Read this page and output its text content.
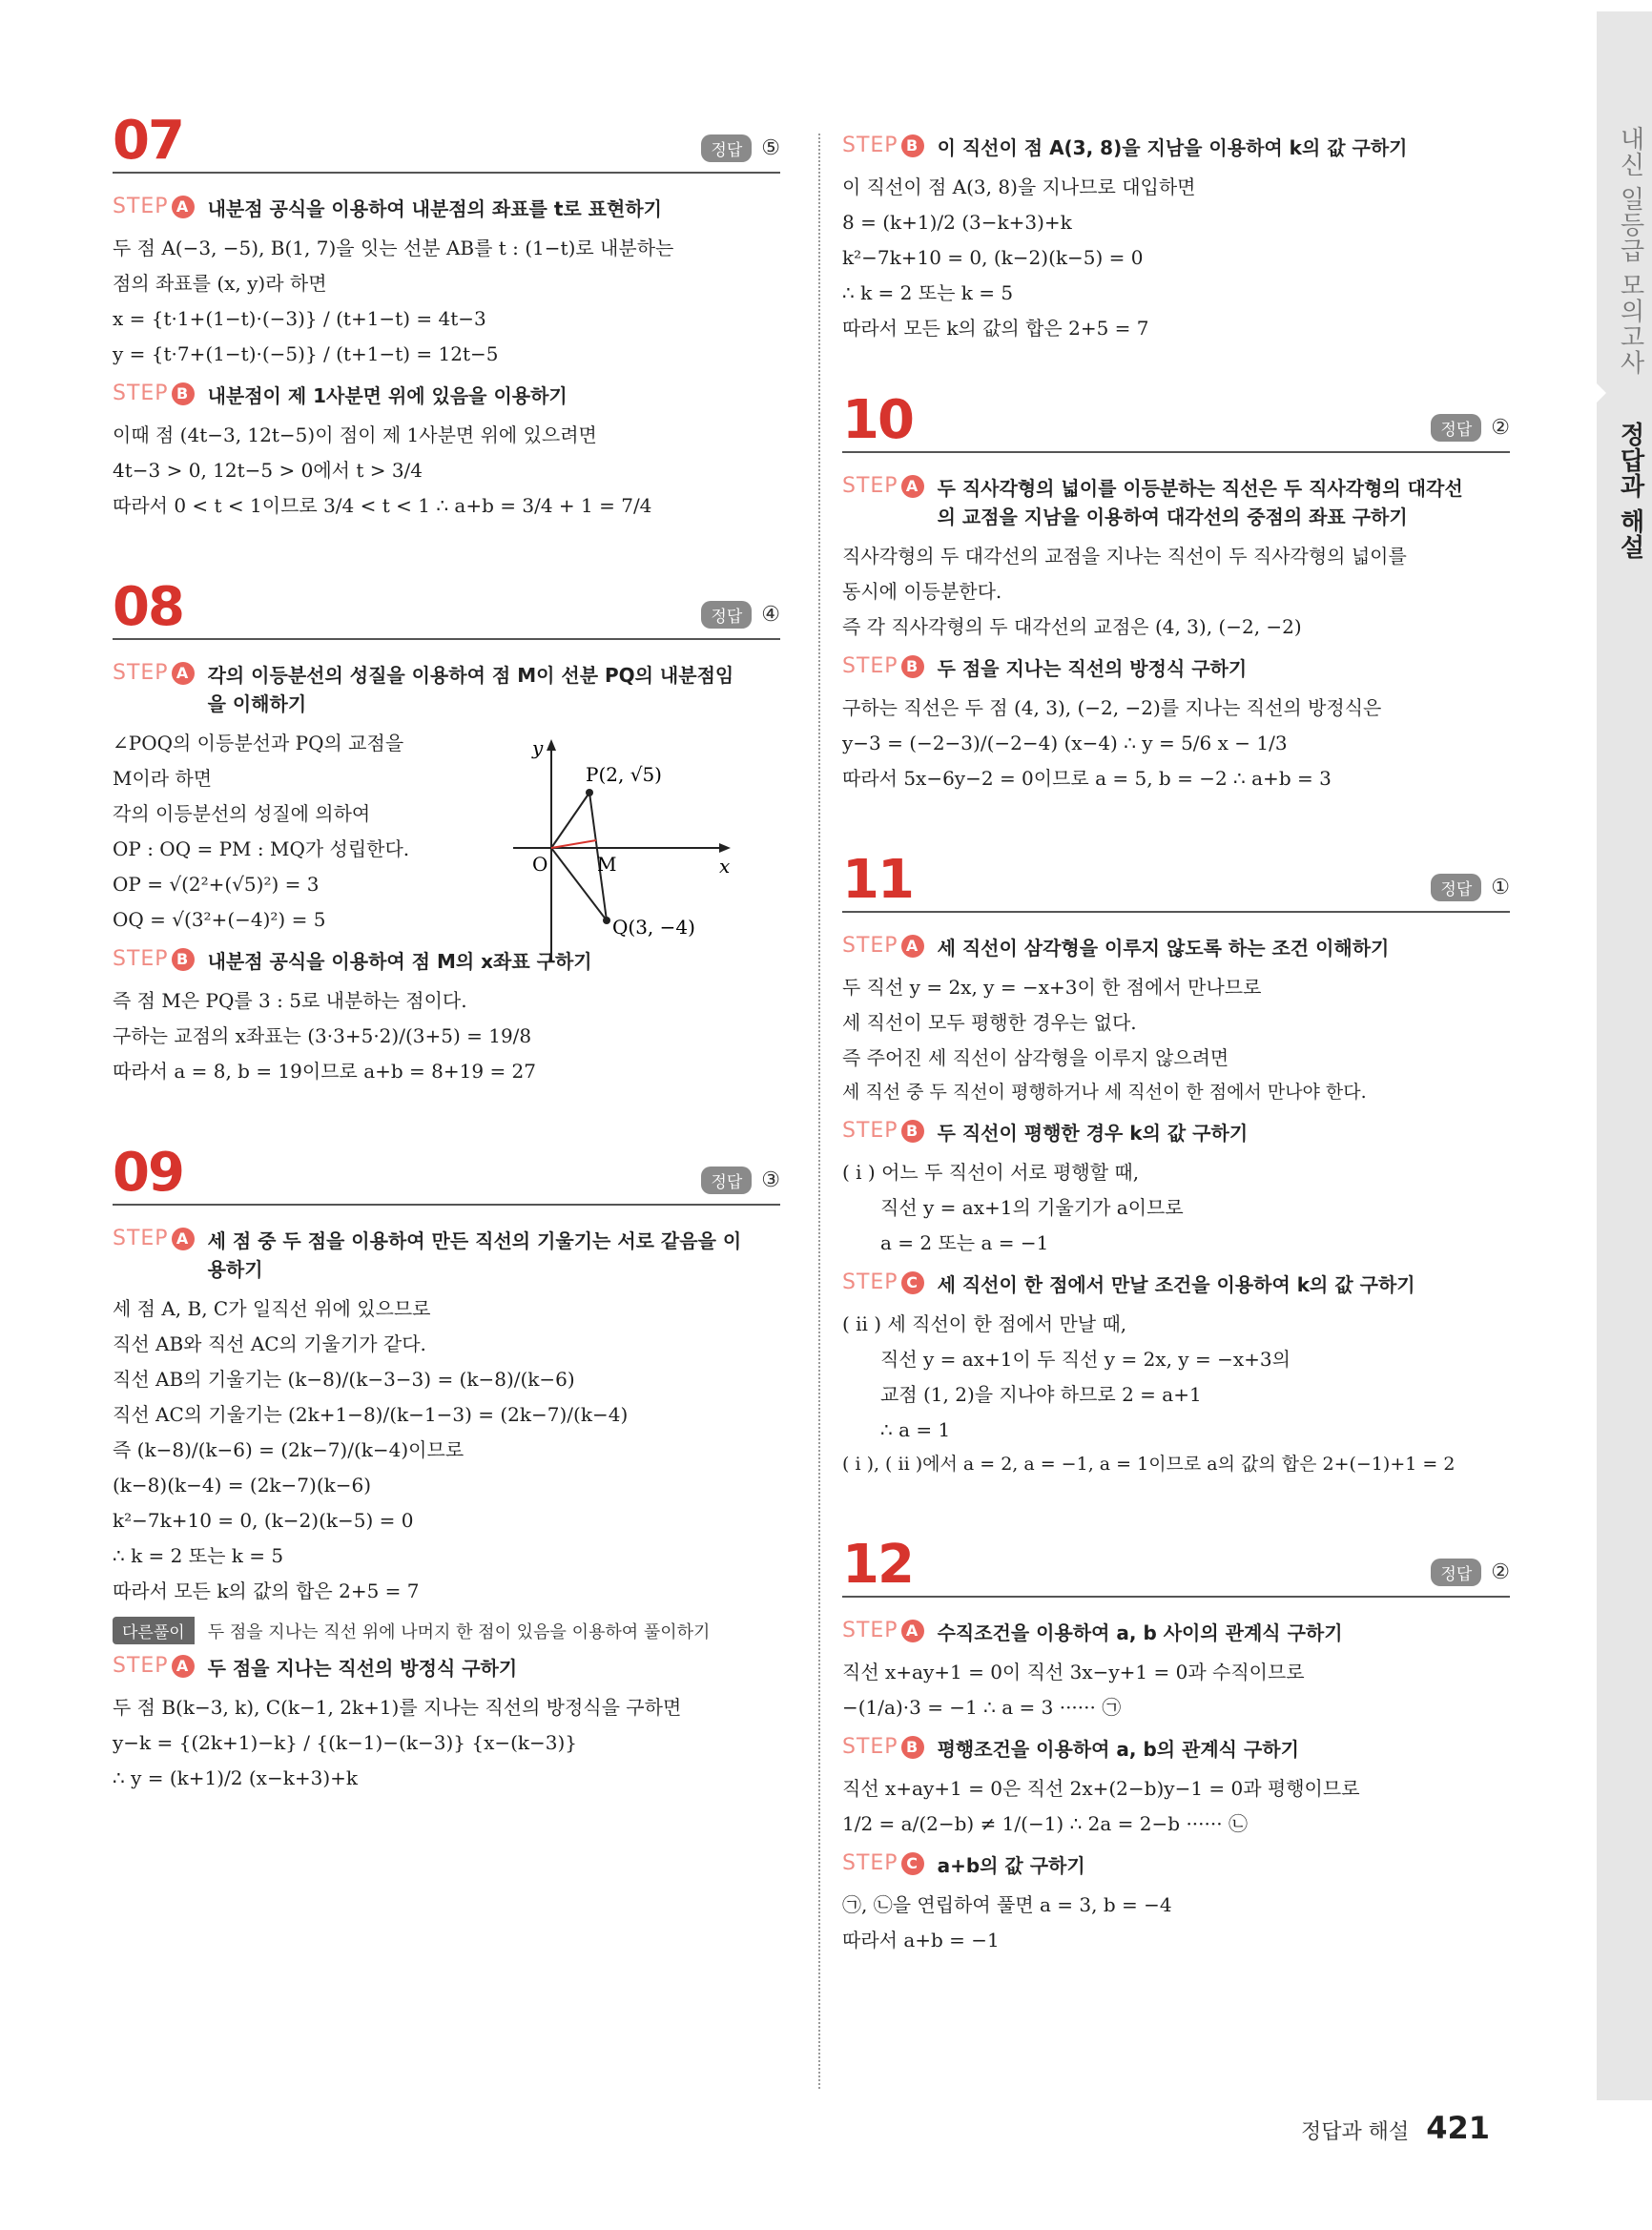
내신 일등급 모의고사
정답과 해설
07	정답 ⑤
STEP A 내분점 공식을 이용하여 내분점의 좌표를 t로 표현하기
두 점 A(−3, −5), B(1, 7)을 잇는 선분 AB를 t : (1−t)로 내분하는
점의 좌표를 (x, y)라 하면
x = {t·1+(1−t)·(−3)} / (t+1−t) = 4t−3
y = {t·7+(1−t)·(−5)} / (t+1−t) = 12t−5
STEP B 내분점이 제 1사분면 위에 있음을 이용하기
이때 점 (4t−3, 12t−5)이 점이 제 1사분면 위에 있으려면
4t−3 > 0, 12t−5 > 0에서 t > 3/4
따라서 0 < t < 1이므로 3/4 < t < 1 ∴ a+b = 3/4 + 1 = 7/4
08	정답 ④
STEP A 각의 이등분선의 성질을 이용하여 점 M이 선분 PQ의 내분점임을 이해하기
∠POQ의 이등분선과 PQ의 교점을
M이라 하면
각의 이등분선의 성질에 의하여
OP : OQ = PM : MQ가 성립한다.
OP = √(2²+(√5)²) = 3
OQ = √(3²+(−4)²) = 5
y
x
O
P(2, √5)
M
Q(3, −4)
STEP B 내분점 공식을 이용하여 점 M의 x좌표 구하기
즉 점 M은 PQ를 3 : 5로 내분하는 점이다.
구하는 교점의 x좌표는 (3·3+5·2)/(3+5) = 19/8
따라서 a = 8, b = 19이므로 a+b = 8+19 = 27
09	정답 ③
STEP A 세 점 중 두 점을 이용하여 만든 직선의 기울기는 서로 같음을 이용하기
세 점 A, B, C가 일직선 위에 있으므로
직선 AB와 직선 AC의 기울기가 같다.
직선 AB의 기울기는 (k−8)/(k−3−3) = (k−8)/(k−6)
직선 AC의 기울기는 (2k+1−8)/(k−1−3) = (2k−7)/(k−4)
즉 (k−8)/(k−6) = (2k−7)/(k−4)이므로
(k−8)(k−4) = (2k−7)(k−6)
k²−7k+10 = 0, (k−2)(k−5) = 0
∴ k = 2 또는 k = 5
따라서 모든 k의 값의 합은 2+5 = 7
다른풀이	두 점을 지나는 직선 위에 나머지 한 점이 있음을 이용하여 풀이하기
STEP A 두 점을 지나는 직선의 방정식 구하기
두 점 B(k−3, k), C(k−1, 2k+1)를 지나는 직선의 방정식을 구하면
y−k = {(2k+1)−k} / {(k−1)−(k−3)} {x−(k−3)}
∴ y = (k+1)/2 (x−k+3)+k
STEP B 이 직선이 점 A(3, 8)을 지남을 이용하여 k의 값 구하기
이 직선이 점 A(3, 8)을 지나므로 대입하면
8 = (k+1)/2 (3−k+3)+k
k²−7k+10 = 0, (k−2)(k−5) = 0
∴ k = 2 또는 k = 5
따라서 모든 k의 값의 합은 2+5 = 7
10	정답 ②
STEP A 두 직사각형의 넓이를 이등분하는 직선은 두 직사각형의 대각선의 교점을 지남을 이용하여 대각선의 중점의 좌표 구하기
직사각형의 두 대각선의 교점을 지나는 직선이 두 직사각형의 넓이를
동시에 이등분한다.
즉 각 직사각형의 두 대각선의 교점은 (4, 3), (−2, −2)
STEP B 두 점을 지나는 직선의 방정식 구하기
구하는 직선은 두 점 (4, 3), (−2, −2)를 지나는 직선의 방정식은
y−3 = (−2−3)/(−2−4) (x−4) ∴ y = 5/6 x − 1/3
따라서 5x−6y−2 = 0이므로 a = 5, b = −2 ∴ a+b = 3
11	정답 ①
STEP A 세 직선이 삼각형을 이루지 않도록 하는 조건 이해하기
두 직선 y = 2x, y = −x+3이 한 점에서 만나므로
세 직선이 모두 평행한 경우는 없다.
즉 주어진 세 직선이 삼각형을 이루지 않으려면
세 직선 중 두 직선이 평행하거나 세 직선이 한 점에서 만나야 한다.
STEP B 두 직선이 평행한 경우 k의 값 구하기
( i ) 어느 두 직선이 서로 평행할 때,
직선 y = ax+1의 기울기가 a이므로
a = 2 또는 a = −1
STEP C 세 직선이 한 점에서 만날 조건을 이용하여 k의 값 구하기
( ii ) 세 직선이 한 점에서 만날 때,
직선 y = ax+1이 두 직선 y = 2x, y = −x+3의
교점 (1, 2)을 지나야 하므로 2 = a+1
∴ a = 1
( i ), ( ii )에서 a = 2, a = −1, a = 1이므로 a의 값의 합은 2+(−1)+1 = 2
12	정답 ②
STEP A 수직조건을 이용하여 a, b 사이의 관계식 구하기
직선 x+ay+1 = 0이 직선 3x−y+1 = 0과 수직이므로
−(1/a)·3 = −1 ∴ a = 3 ······ ㉠
STEP B 평행조건을 이용하여 a, b의 관계식 구하기
직선 x+ay+1 = 0은 직선 2x+(2−b)y−1 = 0과 평행이므로
1/2 = a/(2−b) ≠ 1/(−1) ∴ 2a = 2−b ······ ㉡
STEP C a+b의 값 구하기
㉠, ㉡을 연립하여 풀면 a = 3, b = −4
따라서 a+b = −1
정답과 해설 421
